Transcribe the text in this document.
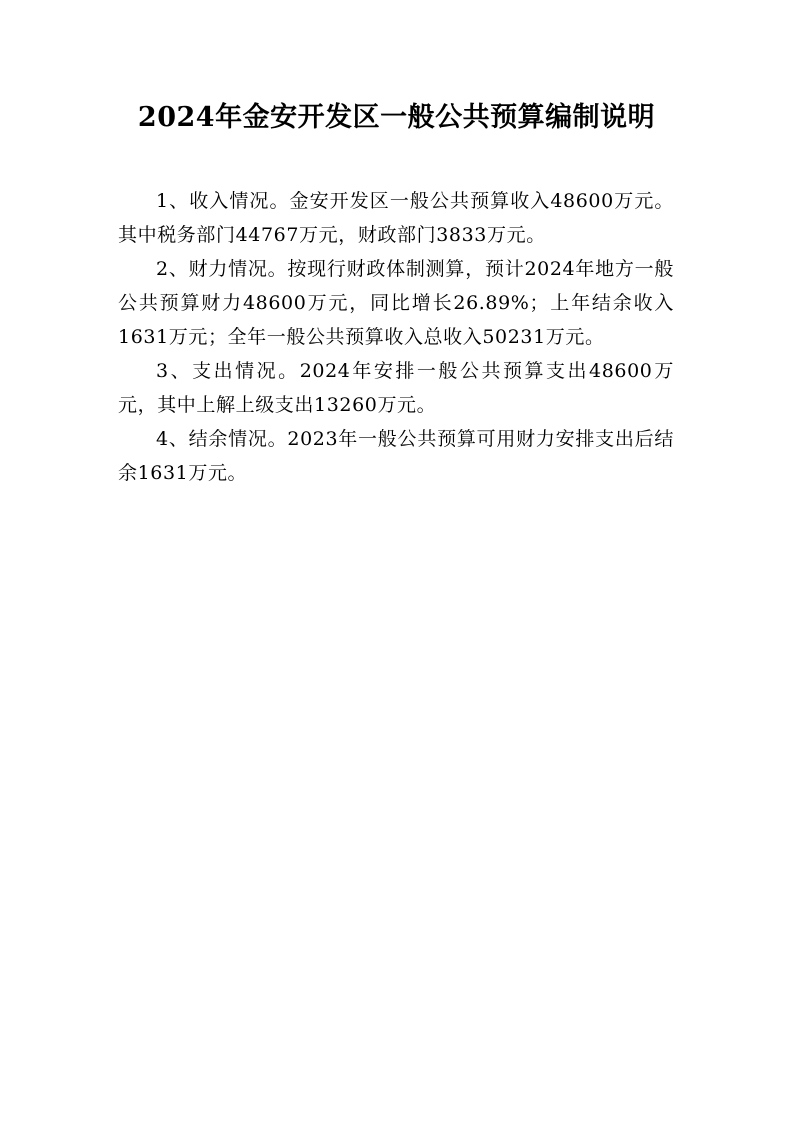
2024年金安开发区一般公共预算编制说明

1、收入情况。金安开发区一般公共预算收入48600万元。其中税务部门44767万元，财政部门3833万元。

2、财力情况。按现行财政体制测算，预计2024年地方一般公共预算财力48600万元，同比增长26.89%；上年结余收入1631万元；全年一般公共预算收入总收入50231万元。

3、支出情况。2024年安排一般公共预算支出48600万元，其中上解上级支出13260万元。

4、结余情况。2023年一般公共预算可用财力安排支出后结余1631万元。
